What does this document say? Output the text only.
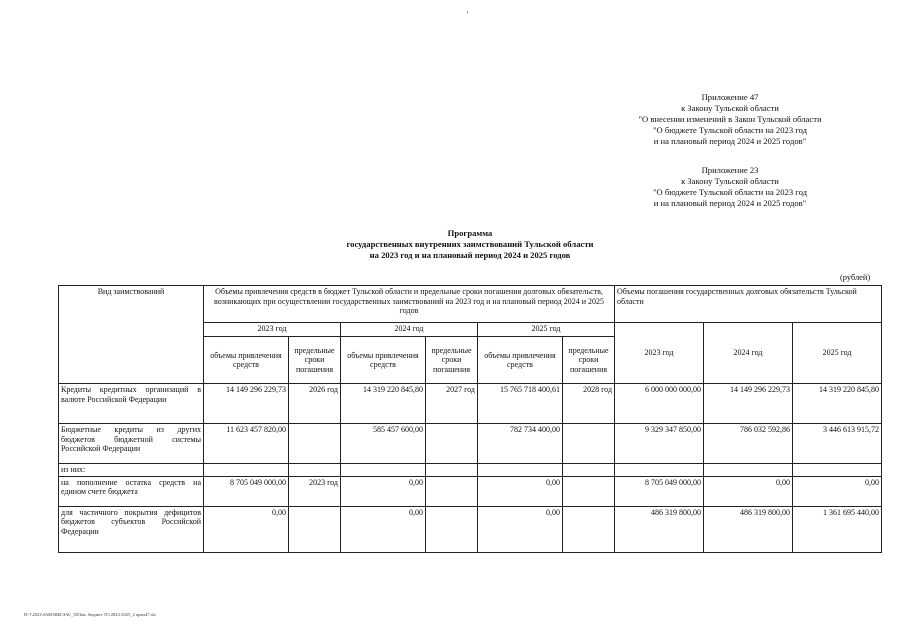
'
Приложение 47
к Закону Тульской области
"О внесении изменений в Закон Тульской области
"О бюджете Тульской области на 2023 год
и на плановый период 2024 и 2025 годов"
Приложение 23
к Закону Тульской области
"О бюджете Тульской области на 2023 год
и на плановый период 2024 и 2025 годов"
Программа
государственных внутренних заимствований Тульской области
на 2023 год и на плановый период 2024 и 2025 годов
(рублей)
Вид заимствований	Объемы привлечения средств в бюджет Тульской области и предельные сроки погашения долговых обязательств, возникающих при осуществлении государственных заимствований на 2023 год и на плановый период 2024 и 2025 годов						Объемы погашения государственных долговых обязательств Тульской области		
	2023 год		2024 год		2025 год		2023 год	2024 год	2025 год
	объемы привлечения средств	предельные сроки погашения	объемы привлечения средств	предельные сроки погашения	объемы привлечения средств	предельные сроки погашения			
Кредиты кредитных организаций в валюте Российской Федерации	14 149 296 229,73	2026 год	14 319 220 845,80	2027 год	15 765 718 400,61	2028 год	6 000 000 000,00	14 149 296 229,73	14 319 220 845,80
Бюджетные кредиты из других бюджетов бюджетной системы Российской Федерации	11 623 457 820,00		585 457 600,00		782 734 400,00		9 329 347 850,00	786 032 592,86	3 446 613 915,72
из них:									
на пополнение остатка средств на едином счете бюджета	8 705 049 000,00	2023 год	0,00		0,00		8 705 049 000,00	0,00	0,00
для частичного покрытия дефицитов бюджетов субъектов Российской Федерации	0,00		0,00		0,00		486 319 800,00	486 319 800,00	1 361 695 440,00
D:\!\2023\ЗАКОНЫ\ЗАС_50\Зак. бюджет ТО 2023-2025_2 прил47.xls
